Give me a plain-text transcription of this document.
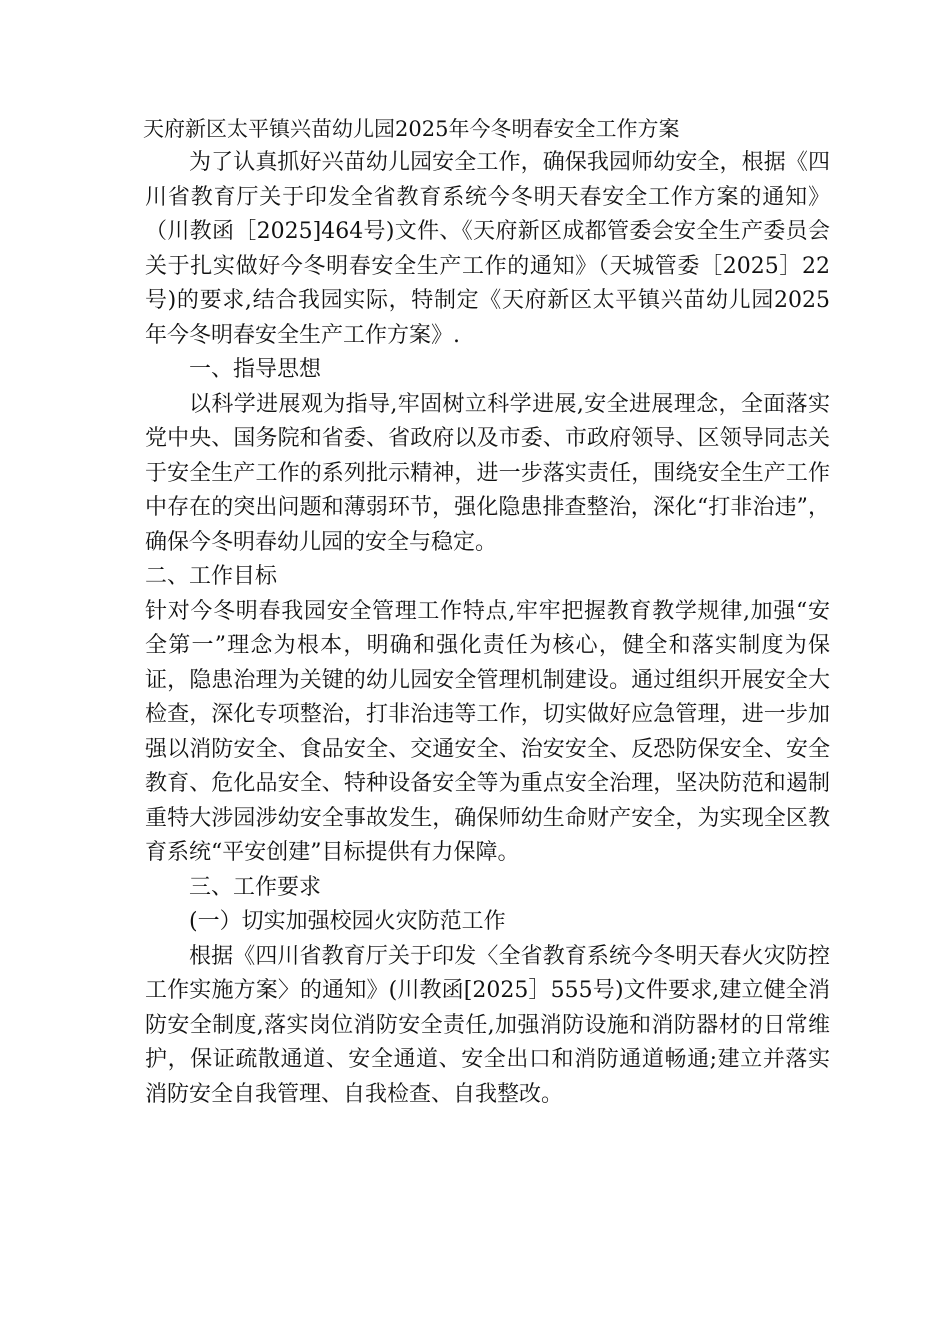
天府新区太平镇兴苗幼儿园2025年今冬明春安全工作方案

为了认真抓好兴苗幼儿园安全工作，确保我园师幼安全，根据《四川省教育厅关于印发全省教育系统今冬明天春安全工作方案的通知》（川教函［2025]464号)文件、《天府新区成都管委会安全生产委员会关于扎实做好今冬明春安全生产工作的通知》（天城管委［2025］22号)的要求,结合我园实际，特制定《天府新区太平镇兴苗幼儿园2025年今冬明春安全生产工作方案》.

一、指导思想

以科学进展观为指导,牢固树立科学进展,安全进展理念，全面落实党中央、国务院和省委、省政府以及市委、市政府领导、区领导同志关于安全生产工作的系列批示精神，进一步落实责任，围绕安全生产工作中存在的突出问题和薄弱环节，强化隐患排查整治，深化“打非治违”，确保今冬明春幼儿园的安全与稳定。

二、工作目标

针对今冬明春我园安全管理工作特点,牢牢把握教育教学规律,加强“安全第一”理念为根本，明确和强化责任为核心，健全和落实制度为保证，隐患治理为关键的幼儿园安全管理机制建设。通过组织开展安全大检查，深化专项整治，打非治违等工作，切实做好应急管理，进一步加强以消防安全、食品安全、交通安全、治安安全、反恐防保安全、安全教育、危化品安全、特种设备安全等为重点安全治理，坚决防范和遏制重特大涉园涉幼安全事故发生，确保师幼生命财产安全，为实现全区教育系统“平安创建”目标提供有力保障。

三、工作要求

(一）切实加强校园火灾防范工作

根据《四川省教育厅关于印发〈全省教育系统今冬明天春火灾防控工作实施方案〉的通知》(川教函[2025］555号)文件要求,建立健全消防安全制度,落实岗位消防安全责任,加强消防设施和消防器材的日常维护，保证疏散通道、安全通道、安全出口和消防通道畅通;建立并落实消防安全自我管理、自我检查、自我整改。
